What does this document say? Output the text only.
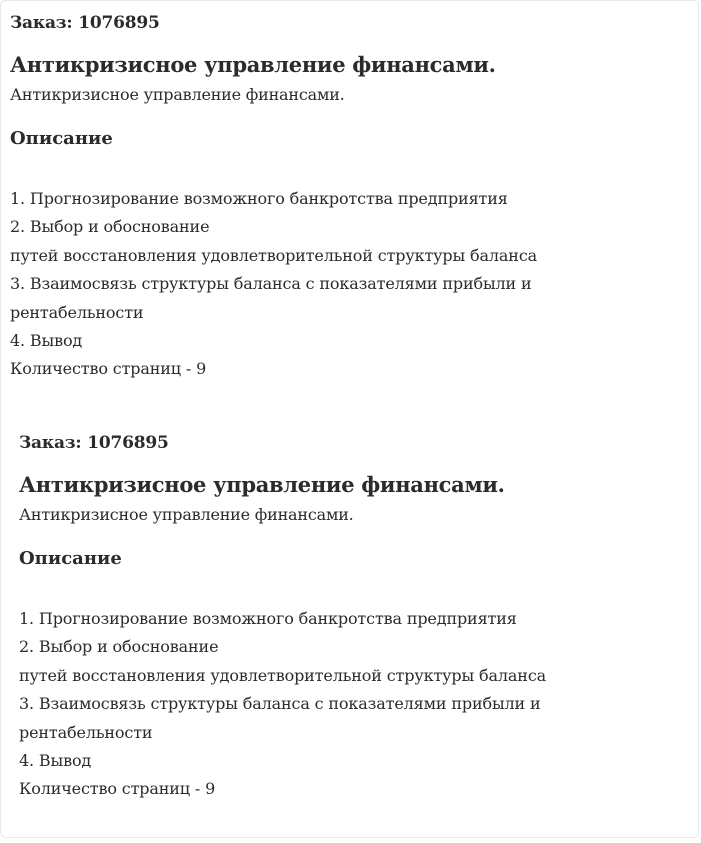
Заказ: 1076895

Антикризисное управление финансами.

Антикризисное управление финансами.

Описание
1. Прогнозирование возможного банкротства предприятия
2. Выбор и обоснование
путей восстановления удовлетворительной структуры баланса
3. Взаимосвязь структуры баланса с показателями прибыли и
рентабельности
4. Вывод
Количество страниц - 9

Заказ: 1076895

Антикризисное управление финансами.

Антикризисное управление финансами.

Описание
1. Прогнозирование возможного банкротства предприятия
2. Выбор и обоснование
путей восстановления удовлетворительной структуры баланса
3. Взаимосвязь структуры баланса с показателями прибыли и
рентабельности
4. Вывод
Количество страниц - 9
